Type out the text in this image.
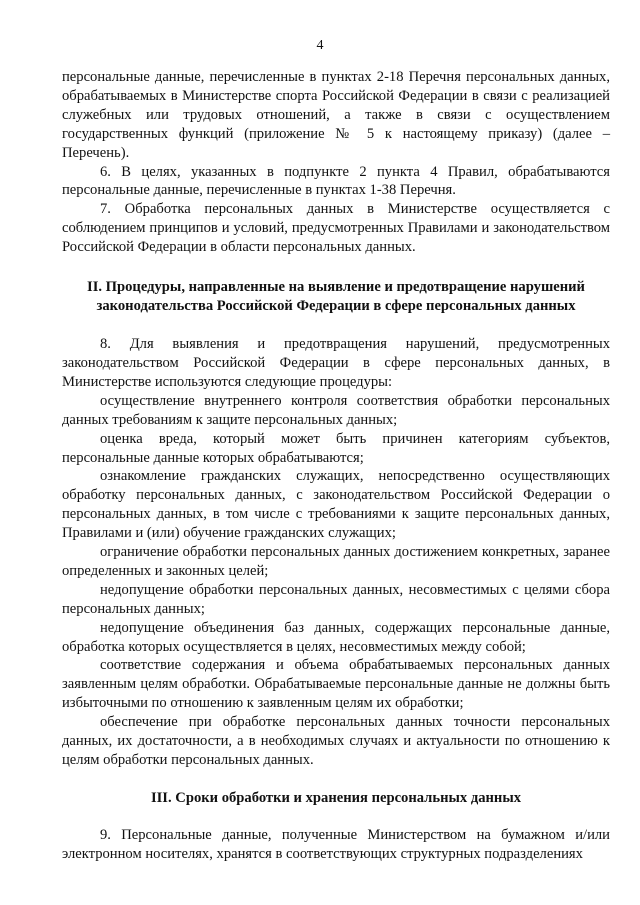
4

персональные данные, перечисленные в пунктах 2-18 Перечня персональных данных, обрабатываемых в Министерстве спорта Российской Федерации в связи с реализацией служебных или трудовых отношений, а также в связи с осуществлением государственных функций (приложение № 5 к настоящему приказу) (далее – Перечень).

6. В целях, указанных в подпункте 2 пункта 4 Правил, обрабатываются персональные данные, перечисленные в пунктах 1-38 Перечня.

7. Обработка персональных данных в Министерстве осуществляется с соблюдением принципов и условий, предусмотренных Правилами и законодательством Российской Федерации в области персональных данных.

II. Процедуры, направленные на выявление и предотвращение нарушений законодательства Российской Федерации в сфере персональных данных

8. Для выявления и предотвращения нарушений, предусмотренных законодательством Российской Федерации в сфере персональных данных, в Министерстве используются следующие процедуры:

осуществление внутреннего контроля соответствия обработки персональных данных требованиям к защите персональных данных;

оценка вреда, который может быть причинен категориям субъектов, персональные данные которых обрабатываются;

ознакомление гражданских служащих, непосредственно осуществляющих обработку персональных данных, с законодательством Российской Федерации о персональных данных, в том числе с требованиями к защите персональных данных, Правилами и (или) обучение гражданских служащих;

ограничение обработки персональных данных достижением конкретных, заранее определенных и законных целей;

недопущение обработки персональных данных, несовместимых с целями сбора персональных данных;

недопущение объединения баз данных, содержащих персональные данные, обработка которых осуществляется в целях, несовместимых между собой;

соответствие содержания и объема обрабатываемых персональных данных заявленным целям обработки. Обрабатываемые персональные данные не должны быть избыточными по отношению к заявленным целям их обработки;

обеспечение при обработке персональных данных точности персональных данных, их достаточности, а в необходимых случаях и актуальности по отношению к целям обработки персональных данных.

III. Сроки обработки и хранения персональных данных

9. Персональные данные, полученные Министерством на бумажном и/или электронном носителях, хранятся в соответствующих структурных подразделениях
